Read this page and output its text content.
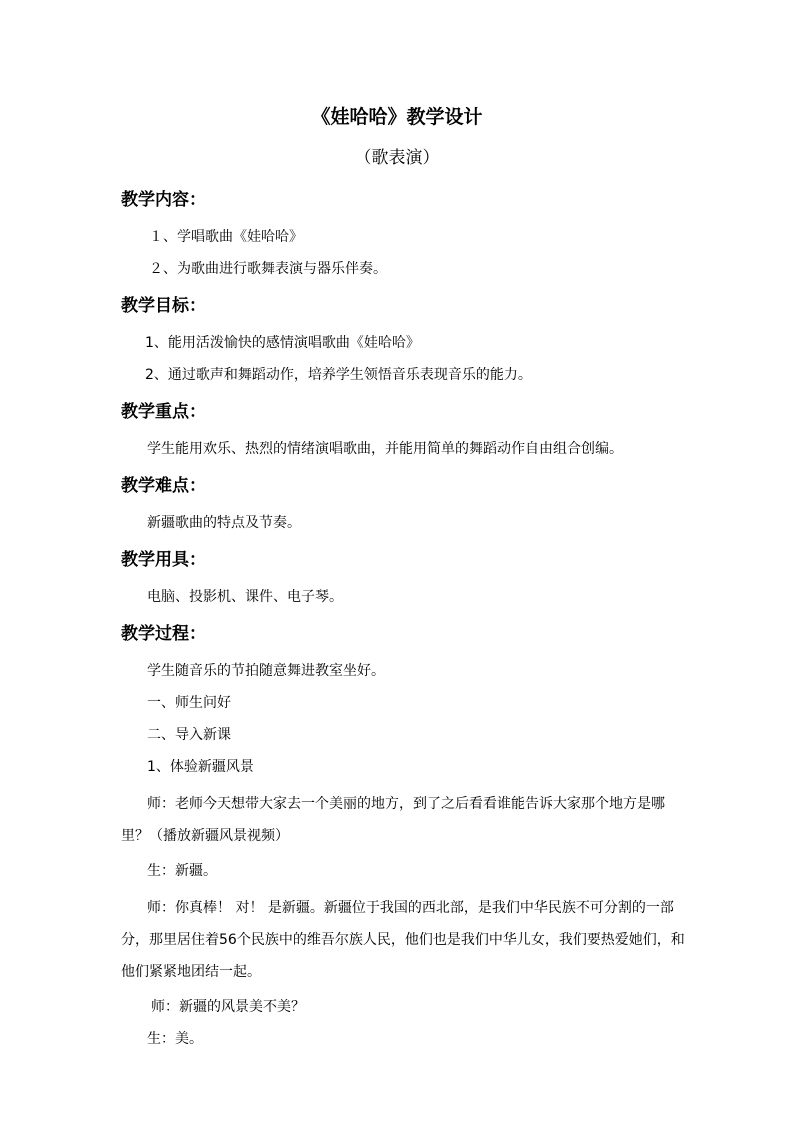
《娃哈哈》教学设计
（歌表演）
教学内容：

１、学唱歌曲《娃哈哈》

２、为歌曲进行歌舞表演与器乐伴奏。

教学目标：

1、能用活泼愉快的感情演唱歌曲《娃哈哈》

2、通过歌声和舞蹈动作，培养学生领悟音乐表现音乐的能力。

教学重点：

学生能用欢乐、热烈的情绪演唱歌曲，并能用简单的舞蹈动作自由组合创编。

教学难点：

新疆歌曲的特点及节奏。

教学用具：

电脑、投影机、课件、电子琴。

教学过程：

学生随音乐的节拍随意舞进教室坐好。

一、师生问好

二、导入新课

1、体验新疆风景

师：老师今天想带大家去一个美丽的地方，到了之后看看谁能告诉大家那个地方是哪里？（播放新疆风景视频）

生：新疆。

师：你真棒！ 对！ 是新疆。新疆位于我国的西北部，是我们中华民族不可分割的一部分，那里居住着56个民族中的维吾尔族人民，他们也是我们中华儿女，我们要热爱她们，和他们紧紧地团结一起。

师：新疆的风景美不美？

生：美。
